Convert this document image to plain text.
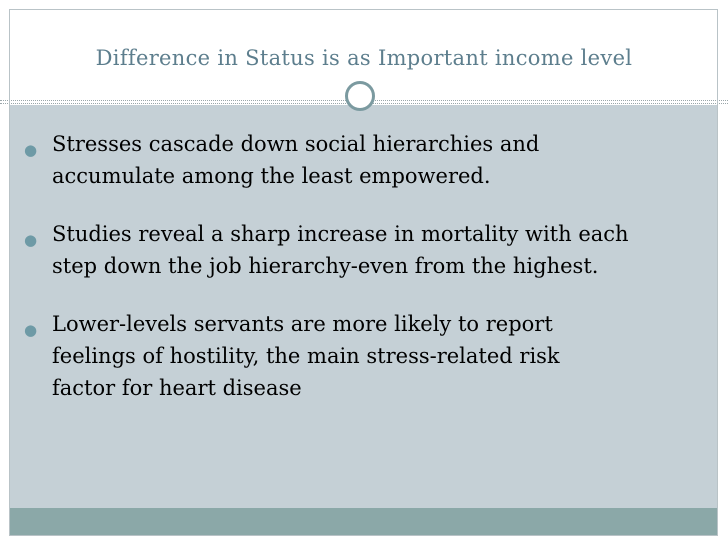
Difference in Status is as Important income level
● Stresses cascade down social hierarchies and
accumulate among the least empowered.
● Studies reveal a sharp increase in mortality with each
step down the job hierarchy-even from the highest.
● Lower-levels servants are more likely to report
feelings of hostility, the main stress-related risk
factor for heart disease
